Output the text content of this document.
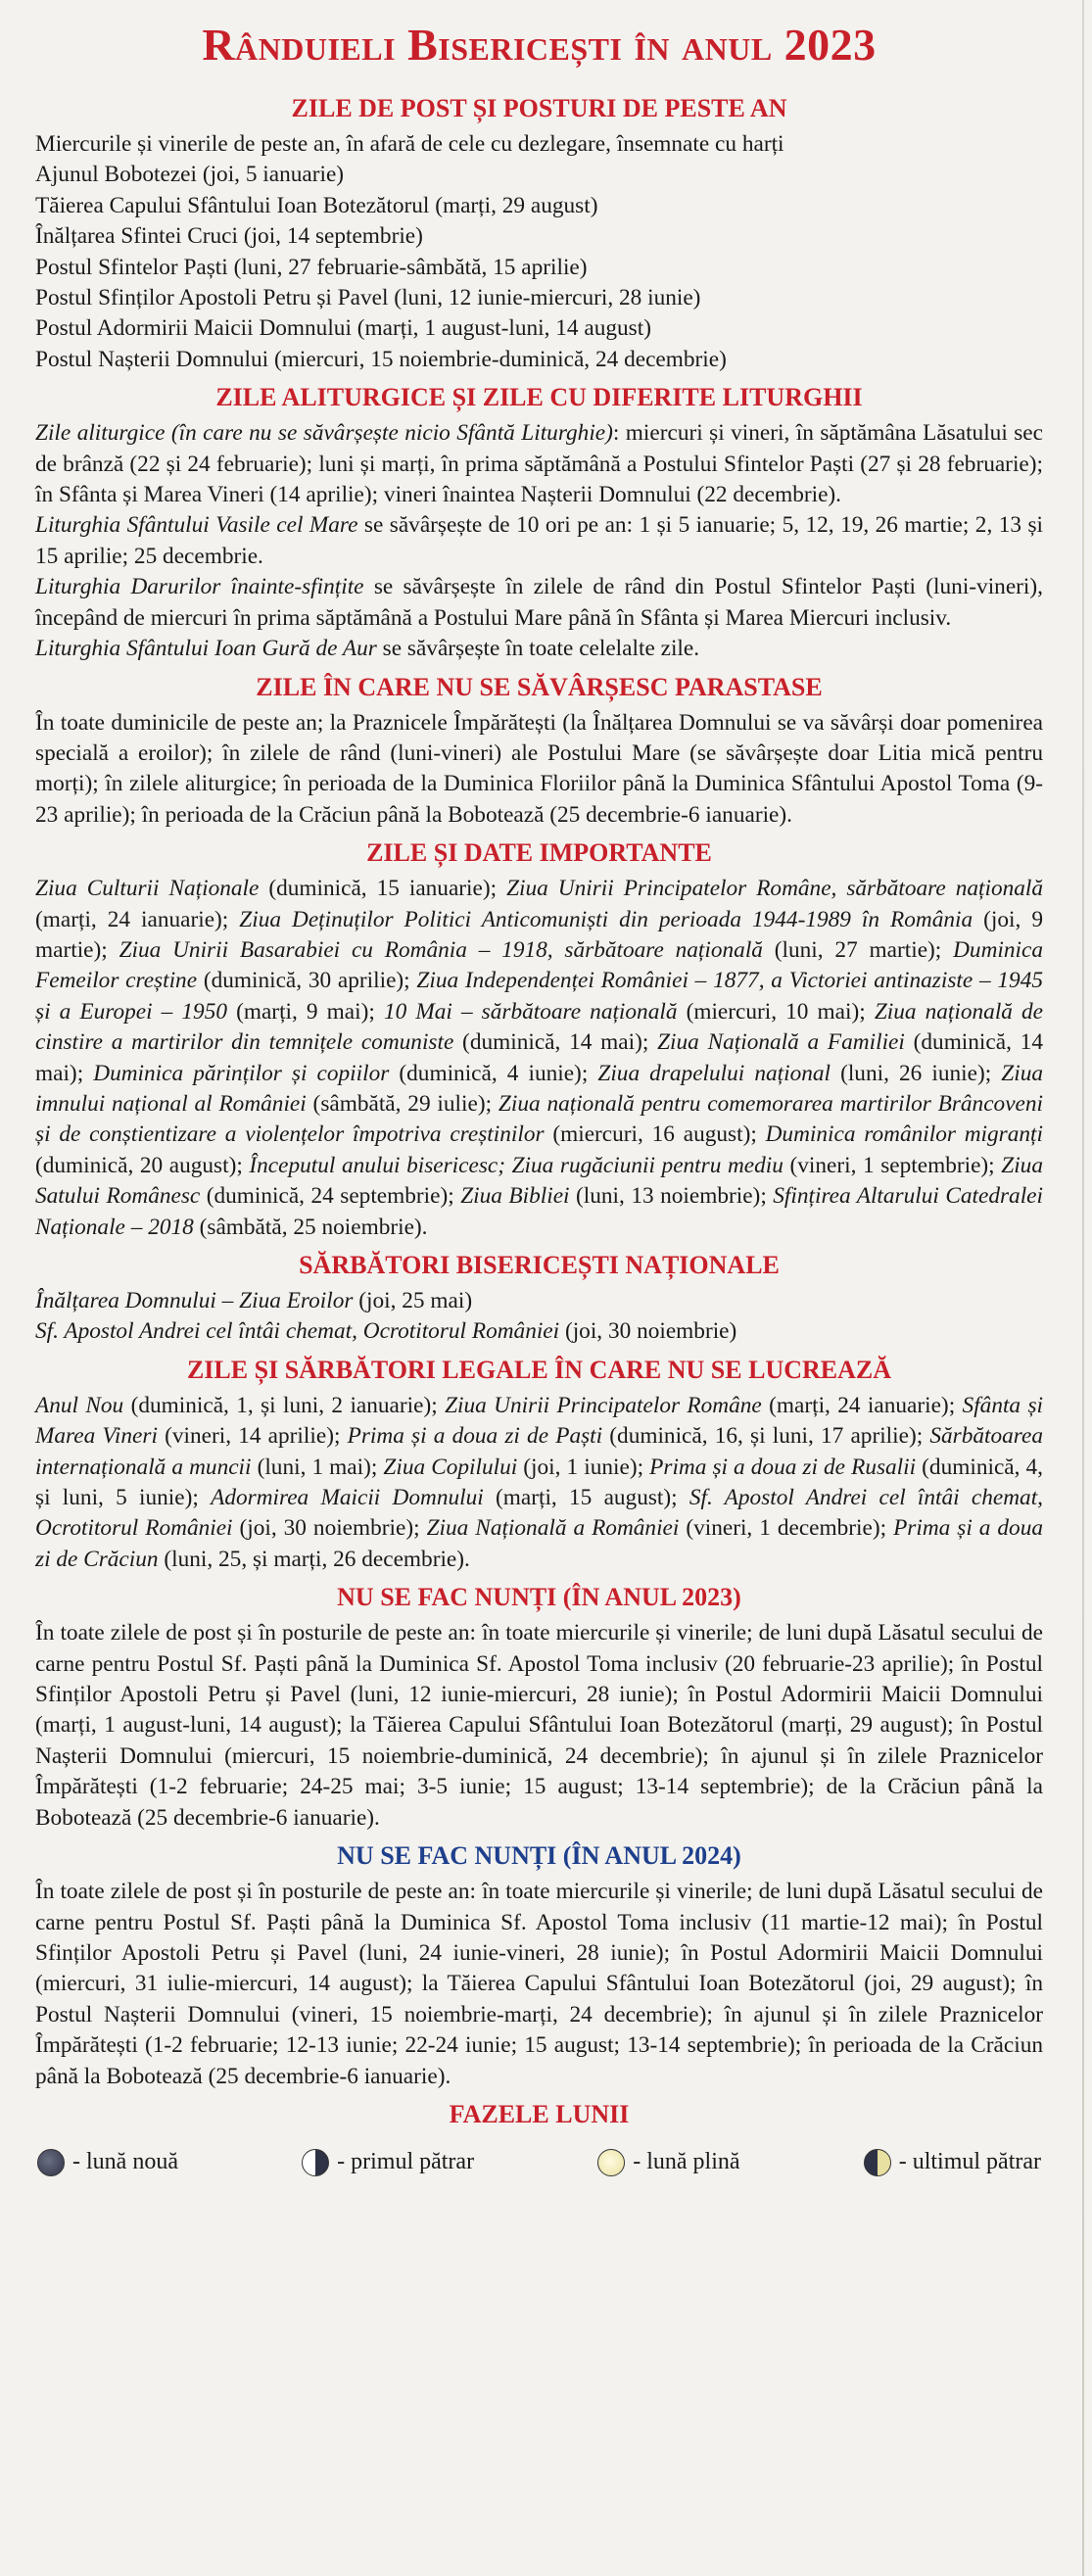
Rânduieli Bisericești în anul 2023
ZILE DE POST ȘI POSTURI DE PESTE AN

Miercurile și vinerile de peste an, în afară de cele cu dezlegare, însemnate cu harți

Ajunul Bobotezei (joi, 5 ianuarie)

Tăierea Capului Sfântului Ioan Botezătorul (marți, 29 august)

Înălțarea Sfintei Cruci (joi, 14 septembrie)

Postul Sfintelor Paști (luni, 27 februarie-sâmbătă, 15 aprilie)

Postul Sfinților Apostoli Petru și Pavel (luni, 12 iunie-miercuri, 28 iunie)

Postul Adormirii Maicii Domnului (marți, 1 august-luni, 14 august)

Postul Nașterii Domnului (miercuri, 15 noiembrie-duminică, 24 decembrie)

ZILE ALITURGICE ȘI ZILE CU DIFERITE LITURGHII

Zile aliturgice (în care nu se săvârșește nicio Sfântă Liturghie): miercuri și vineri, în săptămâna Lăsatului sec de brânză (22 și 24 februarie); luni și marți, în prima săptămână a Postului Sfintelor Paști (27 și 28 februarie); în Sfânta și Marea Vineri (14 aprilie); vineri înaintea Nașterii Domnului (22 decembrie).

Liturghia Sfântului Vasile cel Mare se săvârșește de 10 ori pe an: 1 și 5 ianuarie; 5, 12, 19, 26 martie; 2, 13 și 15 aprilie; 25 decembrie.

Liturghia Darurilor înainte-sfințite se săvârșește în zilele de rând din Postul Sfintelor Paști (luni-vineri), începând de miercuri în prima săptămână a Postului Mare până în Sfânta și Marea Miercuri inclusiv.

Liturghia Sfântului Ioan Gură de Aur se săvârșește în toate celelalte zile.

ZILE ÎN CARE NU SE SĂVÂRȘESC PARASTASE

În toate duminicile de peste an; la Praznicele Împărătești (la Înălțarea Domnului se va săvârși doar pomenirea specială a eroilor); în zilele de rând (luni-vineri) ale Postului Mare (se săvârșește doar Litia mică pentru morți); în zilele aliturgice; în perioada de la Duminica Floriilor până la Duminica Sfântului Apostol Toma (9-23 aprilie); în perioada de la Crăciun până la Bobotează (25 decembrie-6 ianuarie).

ZILE ȘI DATE IMPORTANTE

Ziua Culturii Naționale (duminică, 15 ianuarie); Ziua Unirii Principatelor Române, sărbătoare națională (marți, 24 ianuarie); Ziua Deținuților Politici Anticomuniști din perioada 1944-1989 în România (joi, 9 martie); Ziua Unirii Basarabiei cu România – 1918, sărbătoare națională (luni, 27 martie); Duminica Femeilor creștine (duminică, 30 aprilie); Ziua Independenței României – 1877, a Victoriei antinaziste – 1945 și a Europei – 1950 (marți, 9 mai); 10 Mai – sărbătoare națională (miercuri, 10 mai); Ziua națională de cinstire a martirilor din temnițele comuniste (duminică, 14 mai); Ziua Națională a Familiei (duminică, 14 mai); Duminica părinților și copiilor (duminică, 4 iunie); Ziua drapelului național (luni, 26 iunie); Ziua imnului național al României (sâmbătă, 29 iulie); Ziua națională pentru comemorarea martirilor Brâncoveni și de conștientizare a violențelor împotriva creștinilor (miercuri, 16 august); Duminica românilor migranți (duminică, 20 august); Începutul anului bisericesc; Ziua rugăciunii pentru mediu (vineri, 1 septembrie); Ziua Satului Românesc (duminică, 24 septembrie); Ziua Bibliei (luni, 13 noiembrie); Sfințirea Altarului Catedralei Naționale – 2018 (sâmbătă, 25 noiembrie).

SĂRBĂTORI BISERICEȘTI NAȚIONALE

Înălțarea Domnului – Ziua Eroilor (joi, 25 mai)

Sf. Apostol Andrei cel întâi chemat, Ocrotitorul României (joi, 30 noiembrie)

ZILE ȘI SĂRBĂTORI LEGALE ÎN CARE NU SE LUCREAZĂ

Anul Nou (duminică, 1, și luni, 2 ianuarie); Ziua Unirii Principatelor Române (marți, 24 ianuarie); Sfânta și Marea Vineri (vineri, 14 aprilie); Prima și a doua zi de Paști (duminică, 16, și luni, 17 aprilie); Sărbătoarea internațională a muncii (luni, 1 mai); Ziua Copilului (joi, 1 iunie); Prima și a doua zi de Rusalii (duminică, 4, și luni, 5 iunie); Adormirea Maicii Domnului (marți, 15 august); Sf. Apostol Andrei cel întâi chemat, Ocrotitorul României (joi, 30 noiembrie); Ziua Națională a României (vineri, 1 decembrie); Prima și a doua zi de Crăciun (luni, 25, și marți, 26 decembrie).

NU SE FAC NUNȚI (ÎN ANUL 2023)

În toate zilele de post și în posturile de peste an: în toate miercurile și vinerile; de luni după Lăsatul secului de carne pentru Postul Sf. Paști până la Duminica Sf. Apostol Toma inclusiv (20 februarie-23 aprilie); în Postul Sfinților Apostoli Petru și Pavel (luni, 12 iunie-miercuri, 28 iunie); în Postul Adormirii Maicii Domnului (marți, 1 august-luni, 14 august); la Tăierea Capului Sfântului Ioan Botezătorul (marți, 29 august); în Postul Nașterii Domnului (miercuri, 15 noiembrie-duminică, 24 decembrie); în ajunul și în zilele Praznicelor Împărătești (1-2 februarie; 24-25 mai; 3-5 iunie; 15 august; 13-14 septembrie); de la Crăciun până la Bobotează (25 decembrie-6 ianuarie).

NU SE FAC NUNȚI (ÎN ANUL 2024)

În toate zilele de post și în posturile de peste an: în toate miercurile și vinerile; de luni după Lăsatul secului de carne pentru Postul Sf. Paști până la Duminica Sf. Apostol Toma inclusiv (11 martie-12 mai); în Postul Sfinților Apostoli Petru și Pavel (luni, 24 iunie-vineri, 28 iunie); în Postul Adormirii Maicii Domnului (miercuri, 31 iulie-miercuri, 14 august); la Tăierea Capului Sfântului Ioan Botezătorul (joi, 29 august); în Postul Nașterii Domnului (vineri, 15 noiembrie-marți, 24 decembrie); în ajunul și în zilele Praznicelor Împărătești (1-2 februarie; 12-13 iunie; 22-24 iunie; 15 august; 13-14 septembrie); în perioada de la Crăciun până la Bobotează (25 decembrie-6 ianuarie).

FAZELE LUNII
- lună nouă	- primul pătrar	- lună plină	- ultimul pătrar
